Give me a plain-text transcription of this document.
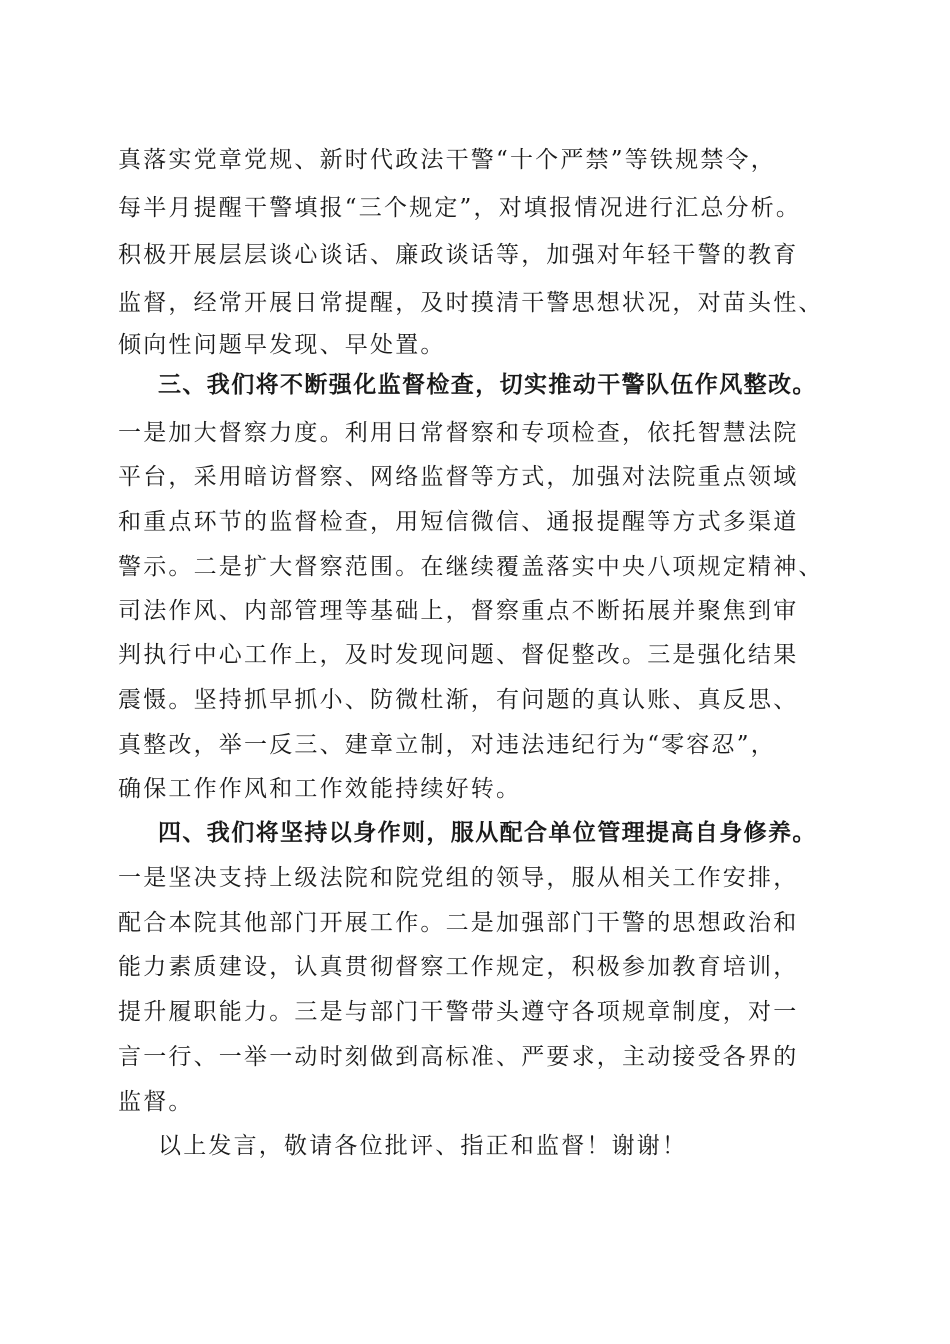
真落实党章党规、新时代政法干警“十个严禁”等铁规禁令，
每半月提醒干警填报“三个规定”，对填报情况进行汇总分析。
积极开展层层谈心谈话、廉政谈话等，加强对年轻干警的教育
监督，经常开展日常提醒，及时摸清干警思想状况，对苗头性、
倾向性问题早发现、早处置。
三、我们将不断强化监督检查，切实推动干警队伍作风整改。
一是加大督察力度。利用日常督察和专项检查，依托智慧法院
平台，采用暗访督察、网络监督等方式，加强对法院重点领域
和重点环节的监督检查，用短信微信、通报提醒等方式多渠道
警示。二是扩大督察范围。在继续覆盖落实中央八项规定精神、
司法作风、内部管理等基础上，督察重点不断拓展并聚焦到审
判执行中心工作上，及时发现问题、督促整改。三是强化结果
震慑。坚持抓早抓小、防微杜渐，有问题的真认账、真反思、
真整改，举一反三、建章立制，对违法违纪行为“零容忍”，
确保工作作风和工作效能持续好转。
四、我们将坚持以身作则，服从配合单位管理提高自身修养。
一是坚决支持上级法院和院党组的领导，服从相关工作安排，
配合本院其他部门开展工作。二是加强部门干警的思想政治和
能力素质建设，认真贯彻督察工作规定，积极参加教育培训，
提升履职能力。三是与部门干警带头遵守各项规章制度，对一
言一行、一举一动时刻做到高标准、严要求，主动接受各界的
监督。
以上发言，敬请各位批评、指正和监督！谢谢！
